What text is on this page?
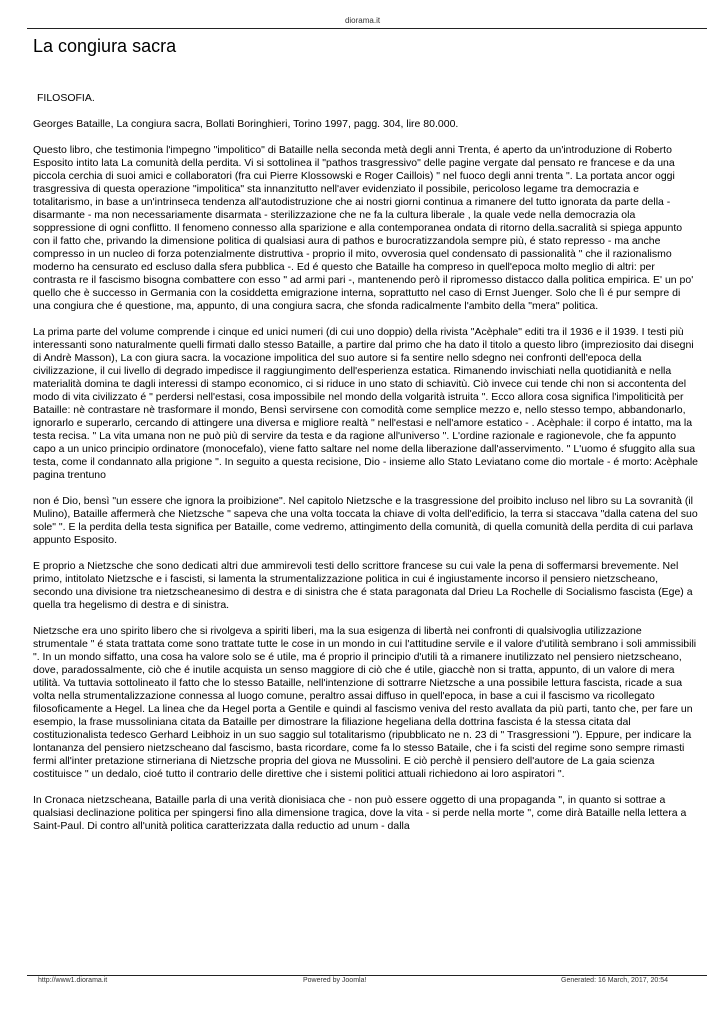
diorama.it
La congiura sacra

FILOSOFIA.

Georges Bataille, La congiura sacra, Bollati Boringhieri, Torino 1997, pagg. 304, lire 80.000.

Questo libro, che testimonia l'impegno "impolitico" di Bataille nella seconda metà degli anni Trenta, é aperto da un'introduzione di Roberto Esposito intito lata La comunità della perdita. Vi si sottolinea il "pathos trasgressivo" delle pagine vergate dal pensato re francese e da una piccola cerchia di suoi amici e collaboratori (fra cui Pierre Klossowski e Roger Caillois) " nel fuoco degli anni trenta ". La portata ancor oggi trasgressiva di questa operazione "impolitica" sta innanzitutto nell'aver evidenziato il possibile, pericoloso legame tra democrazia e totalitarismo, in base a un'intrinseca tendenza all'autodistruzione che ai nostri giorni continua a rimanere del tutto ignorata da parte della - disarmante - ma non necessariamente disarmata - sterilizzazione che ne fa la cultura liberale , la quale vede nella democrazia ola soppressione di ogni conflitto. Il fenomeno connesso alla sparizione e alla contemporanea ondata di ritorno della.sacralità si spiega appunto con il fatto che, privando la dimensione politica di qualsiasi aura di pathos e burocratizzandola sempre più, é stato represso - ma anche compresso in un nucleo di forza potenzialmente distruttiva - proprio il mito, ovverosia quel condensato di passionalità " che il razionalismo moderno ha censurato ed escluso dalla sfera pubblica -. Ed é questo che Bataille ha compreso in quell'epoca molto meglio di altri: per contrasta re il fascismo bisogna combattere con esso " ad armi pari -, mantenendo però il ripromesso distacco dalla politica empirica. E' un po' quello che è successo in Germania con la cosiddetta emigrazione interna, soprattutto nel caso di Ernst Juenger. Solo che lì é pur sempre di una congiura che é questione, ma, appunto, di una congiura sacra, che sfonda radicalmente l'ambito della "mera" politica.

La prima parte del volume comprende i cinque ed unici numeri (di cui uno doppio) della rivista "Acèphale" editi tra il 1936 e il 1939. I testi più interessanti sono naturalmente quelli firmati dallo stesso Bataille, a partire dal primo che ha dato il titolo a questo libro (impreziosito dai disegni di Andrè Masson), La con giura sacra. la vocazione impolitica del suo autore si fa sentire nello sdegno nei confronti dell'epoca della civilizzazione, il cui livello di degrado impedisce il raggiungimento dell'esperienza estatica. Rimanendo invischiati nella quotidianità e nella materialità domina te dagli interessi di stampo economico, ci si riduce in uno stato di schiavitù. Ciò invece cui tende chi non si accontenta del modo di vita civilizzato é " perdersi nell'estasi, cosa impossibile nel mondo della volgarità istruita ". Ecco allora cosa significa l'impoliticità per Bataille: nè contrastare nè trasformare il mondo, Bensì servirsene con comodità come semplice mezzo e, nello stesso tempo, abbandonarlo, ignorarlo e superarlo, cercando di attingere una diversa e migliore realtà " nell'estasi e nell'amore estatico - . Acèphale: il corpo é intatto, ma la testa recisa. " La vita umana non ne può più di servire da testa e da ragione all'universo ". L'ordine razionale e ragionevole, che fa appunto capo a un unico principio ordinatore (monocefalo), viene fatto saltare nel nome della liberazione dall'asservimento. " L'uomo é sfuggito alla sua testa, come il condannato alla prigione ". In seguito a questa recisione, Dio - insieme allo Stato Leviatano come dio mortale - é morto: Acèphale pagina trentuno

non é Dio, bensì "un essere che ignora la proibizione". Nel capitolo Nietzsche e la trasgressione del proibito incluso nel libro su La sovranità (il Mulino), Bataille affermerà che Nietzsche " sapeva che una volta toccata la chiave di volta dell'edificio, la terra si staccava "dalla catena del suo sole" ". E la perdita della testa significa per Bataille, come vedremo, attingimento della comunità, di quella comunità della perdita di cui parlava appunto Esposito.

E proprio a Nietzsche che sono dedicati altri due ammirevoli testi dello scrittore francese su cui vale la pena di soffermarsi brevemente. Nel primo, intitolato Nietzsche e i fascisti, si lamenta la strumentalizzazione politica in cui é ingiustamente incorso il pensiero nietzscheano, secondo una divisione tra nietzscheanesimo di destra e di sinistra che é stata paragonata dal Drieu La Rochelle di Socialismo fascista (Ege) a quella tra hegelismo di destra e di sinistra.

Nietzsche era uno spirito libero che si rivolgeva a spiriti liberi, ma la sua esigenza di libertà nei confronti di qualsivoglia utilizzazione strumentale " é stata trattata come sono trattate tutte le cose in un mondo in cui l'attitudine servile e il valore d'utilità sembrano i soli ammissibili ". In un mondo siffatto, una cosa ha valore solo se é utile, ma é proprio il principio d'utili tà a rimanere inutilizzato nel pensiero nietzscheano, dove, paradossalmente, ciò che é inutile acquista un senso maggiore di ciò che é utile, giacchè non si tratta, appunto, di un valore di mera utilità. Va tuttavia sottolineato il fatto che lo stesso Bataille, nell'intenzione di sottrarre Nietzsche a una possibile lettura fascista, ricade a sua volta nella strumentalizzazione connessa al luogo comune, peraltro assai diffuso in quell'epoca, in base a cui il fascismo va ricollegato filosoficamente a Hegel. La linea che da Hegel porta a Gentile e quindi al fascismo veniva del resto avallata da più parti, tanto che, per fare un esempio, la frase mussoliniana citata da Bataille per dimostrare la filiazione hegeliana della dottrina fascista é la stessa citata dal costituzionalista tedesco Gerhard Leibhoiz in un suo saggio sul totalitarismo (ripubblicato ne n. 23 di " Trasgressioni "). Eppure, per indicare la lontananza del pensiero nietzscheano dal fascismo, basta ricordare, come fa lo stesso Bataile, che i fa scisti del regime sono sempre rimasti fermi all'inter pretazione stirneriana di Nietzsche propria del giova ne Mussolini. E ciò perchè il pensiero dell'autore de La gaia scienza costituisce " un dedalo, cioé tutto il contrario delle direttive che i sistemi politici attuali richiedono ai loro aspiratori ".

In Cronaca nietzscheana, Bataille parla di una verità dionisiaca che - non può essere oggetto di una propaganda ", in quanto si sottrae a qualsiasi declinazione politica per spingersi fino alla dimensione tragica, dove la vita - si perde nella morte ", come dirà Bataille nella lettera a Saint-Paul. Di contro all'unità politica caratterizzata dalla reductio ad unum - dalla

http://www1.diorama.it	Powered by Joomla!	Generated: 16 March, 2017, 20:54
